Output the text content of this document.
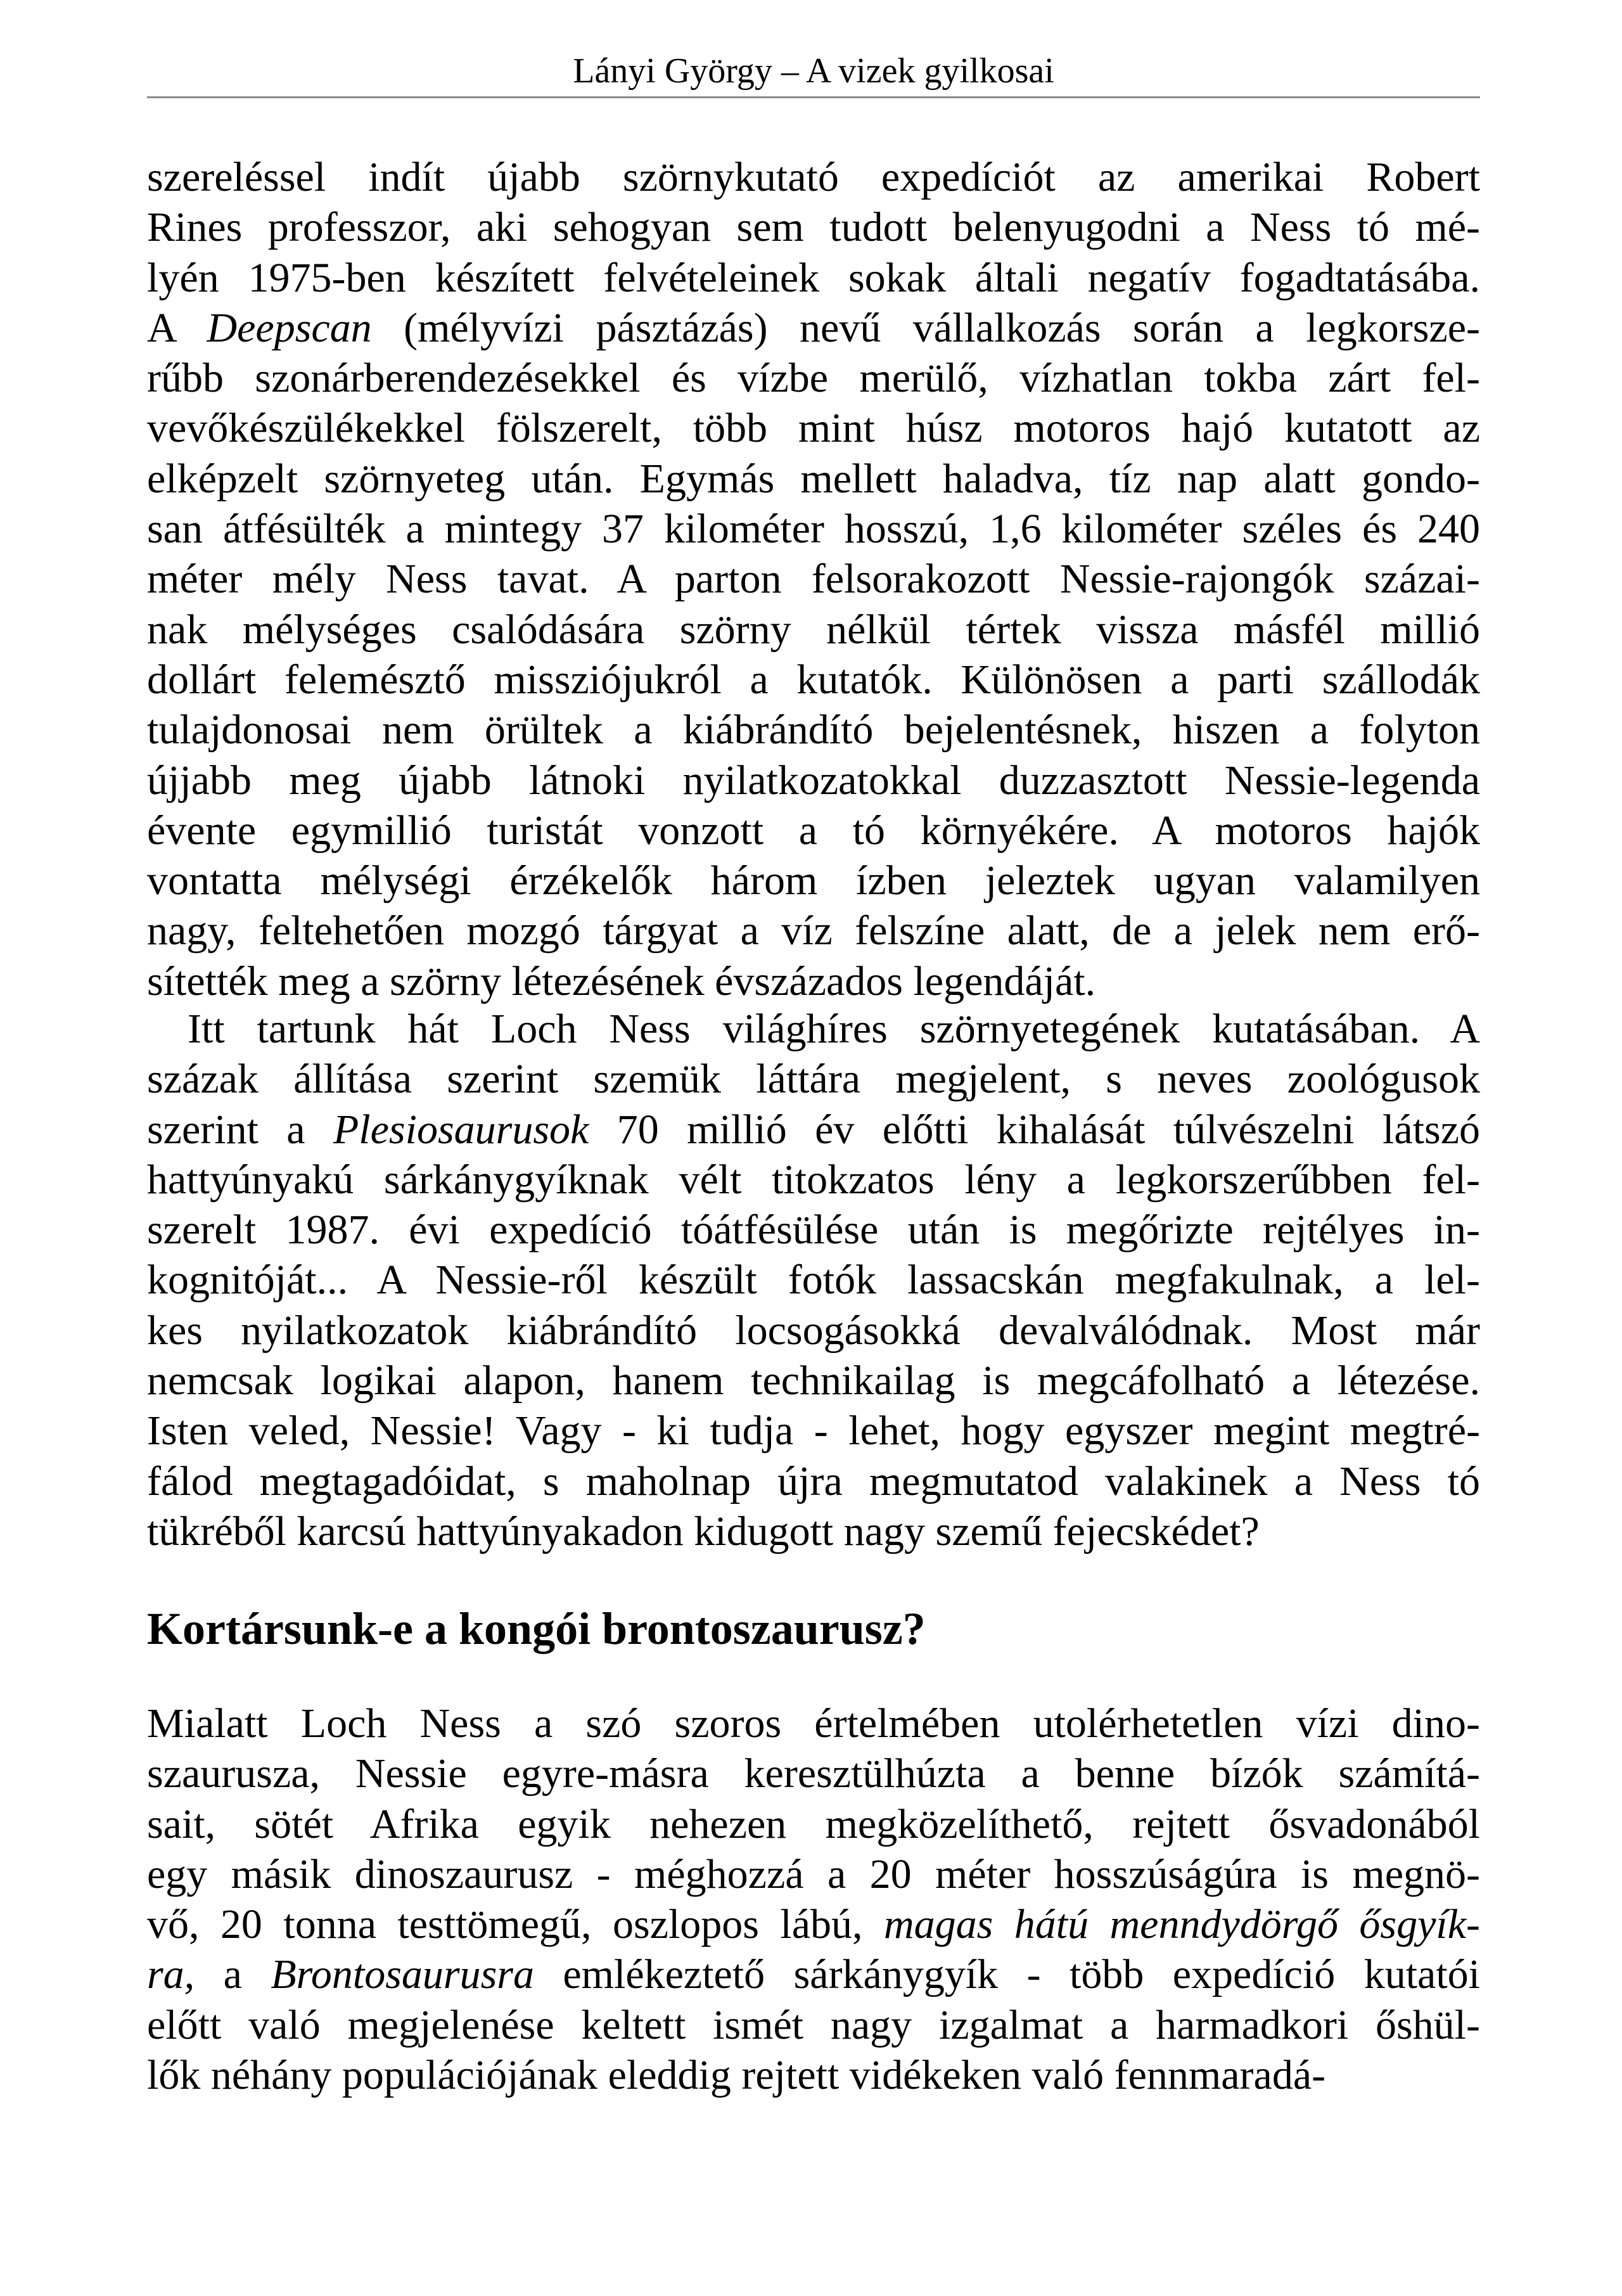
Lányi György – A vizek gyilkosai

szereléssel indít újabb szörnykutató expedíciót az amerikai Robert
Rines professzor, aki sehogyan sem tudott belenyugodni a Ness tó mé-
lyén 1975-ben készített felvételeinek sokak általi negatív fogadtatásába.
A Deepscan (mélyvízi pásztázás) nevű vállalkozás során a legkorsze-
rűbb szonárberendezésekkel és vízbe merülő, vízhatlan tokba zárt fel-
vevőkészülékekkel fölszerelt, több mint húsz motoros hajó kutatott az
elképzelt szörnyeteg után. Egymás mellett haladva, tíz nap alatt gondo-
san átfésülték a mintegy 37 kilométer hosszú, 1,6 kilométer széles és 240
méter mély Ness tavat. A parton felsorakozott Nessie-rajongók százai-
nak mélységes csalódására szörny nélkül tértek vissza másfél millió
dollárt felemésztő missziójukról a kutatók. Különösen a parti szállodák
tulajdonosai nem örültek a kiábrándító bejelentésnek, hiszen a folyton
újjabb meg újabb látnoki nyilatkozatokkal duzzasztott Nessie-legenda
évente egymillió turistát vonzott a tó környékére. A motoros hajók
vontatta mélységi érzékelők három ízben jeleztek ugyan valamilyen
nagy, feltehetően mozgó tárgyat a víz felszíne alatt, de a jelek nem erő-
sítették meg a szörny létezésének évszázados legendáját.

Itt tartunk hát Loch Ness világhíres szörnyetegének kutatásában. A
százak állítása szerint szemük láttára megjelent, s neves zoológusok
szerint a Plesiosaurusok 70 millió év előtti kihalását túlvészelni látszó
hattyúnyakú sárkánygyíknak vélt titokzatos lény a legkorszerűbben fel-
szerelt 1987. évi expedíció tóátfésülése után is megőrizte rejtélyes in-
kognitóját... A Nessie-ről készült fotók lassacskán megfakulnak, a lel-
kes nyilatkozatok kiábrándító locsogásokká devalválódnak. Most már
nemcsak logikai alapon, hanem technikailag is megcáfolható a létezése.
Isten veled, Nessie! Vagy - ki tudja - lehet, hogy egyszer megint megtré-
fálod megtagadóidat, s maholnap újra megmutatod valakinek a Ness tó
tükréből karcsú hattyúnyakadon kidugott nagy szemű fejecskédet?

Kortársunk-e a kongói brontoszaurusz?

Mialatt Loch Ness a szó szoros értelmében utolérhetetlen vízi dino-
szaurusza, Nessie egyre-másra keresztülhúzta a benne bízók számítá-
sait, sötét Afrika egyik nehezen megközelíthető, rejtett ősvadonából
egy másik dinoszaurusz - méghozzá a 20 méter hosszúságúra is megnö-
vő, 20 tonna testtömegű, oszlopos lábú, magas hátú menndydörgő ősgyík-
ra, a Brontosaurusra emlékeztető sárkánygyík - több expedíció kutatói
előtt való megjelenése keltett ismét nagy izgalmat a harmadkori őshül-
lők néhány populációjának eleddig rejtett vidékeken való fennmaradá-
